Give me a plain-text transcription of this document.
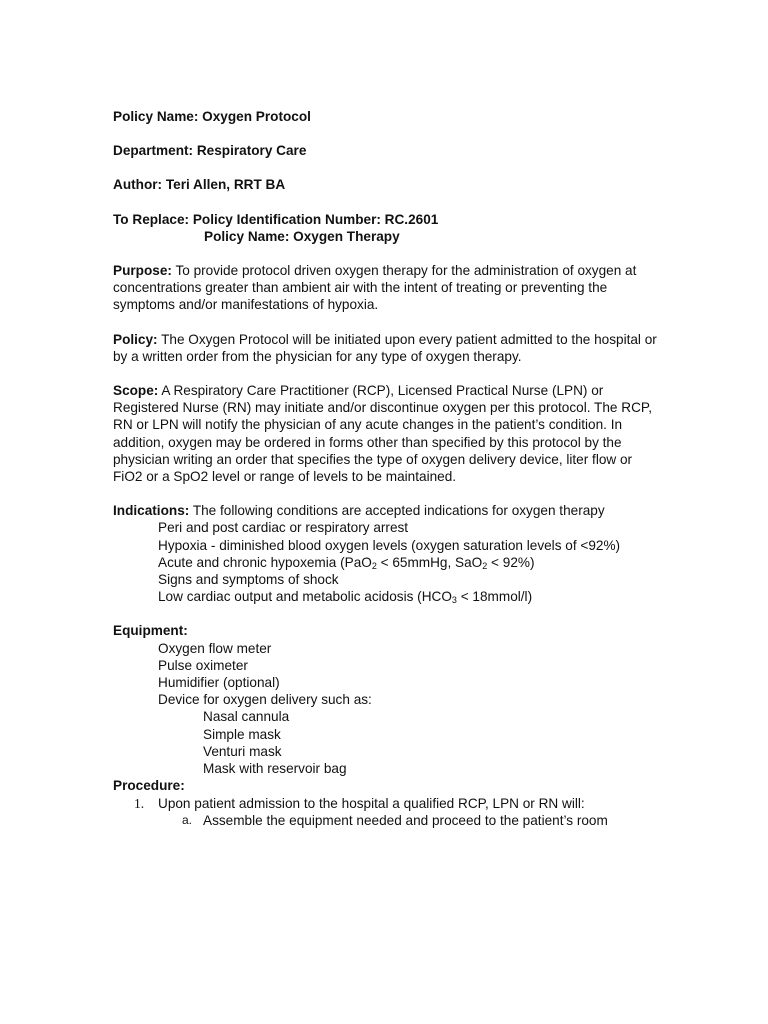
Policy Name: Oxygen Protocol

Department: Respiratory Care

Author: Teri Allen, RRT BA

To Replace: Policy Identification Number: RC.2601

Policy Name: Oxygen Therapy

Purpose: To provide protocol driven oxygen therapy for the administration of oxygen at concentrations greater than ambient air with the intent of treating or preventing the symptoms and/or manifestations of hypoxia.

Policy: The Oxygen Protocol will be initiated upon every patient admitted to the hospital or by a written order from the physician for any type of oxygen therapy.

Scope: A Respiratory Care Practitioner (RCP), Licensed Practical Nurse (LPN) or Registered Nurse (RN) may initiate and/or discontinue oxygen per this protocol. The RCP, RN or LPN will notify the physician of any acute changes in the patient’s condition. In addition, oxygen may be ordered in forms other than specified by this protocol by the physician writing an order that specifies the type of oxygen delivery device, liter flow or FiO2 or a SpO2 level or range of levels to be maintained.

Indications: The following conditions are accepted indications for oxygen therapy

Peri and post cardiac or respiratory arrest

Hypoxia - diminished blood oxygen levels (oxygen saturation levels of <92%)

Acute and chronic hypoxemia (PaO$_2$ < 65mmHg, SaO$_2$ < 92%)

Signs and symptoms of shock

Low cardiac output and metabolic acidosis ($HCO_3$ < 18mmol/l)

Equipment:

Oxygen flow meter

Pulse oximeter

Humidifier (optional)

Device for oxygen delivery such as:

Nasal cannula

Simple mask

Venturi mask

Mask with reservoir bag

Procedure:

1. Upon patient admission to the hospital a qualified RCP, LPN or RN will:

a. Assemble the equipment needed and proceed to the patient’s room
